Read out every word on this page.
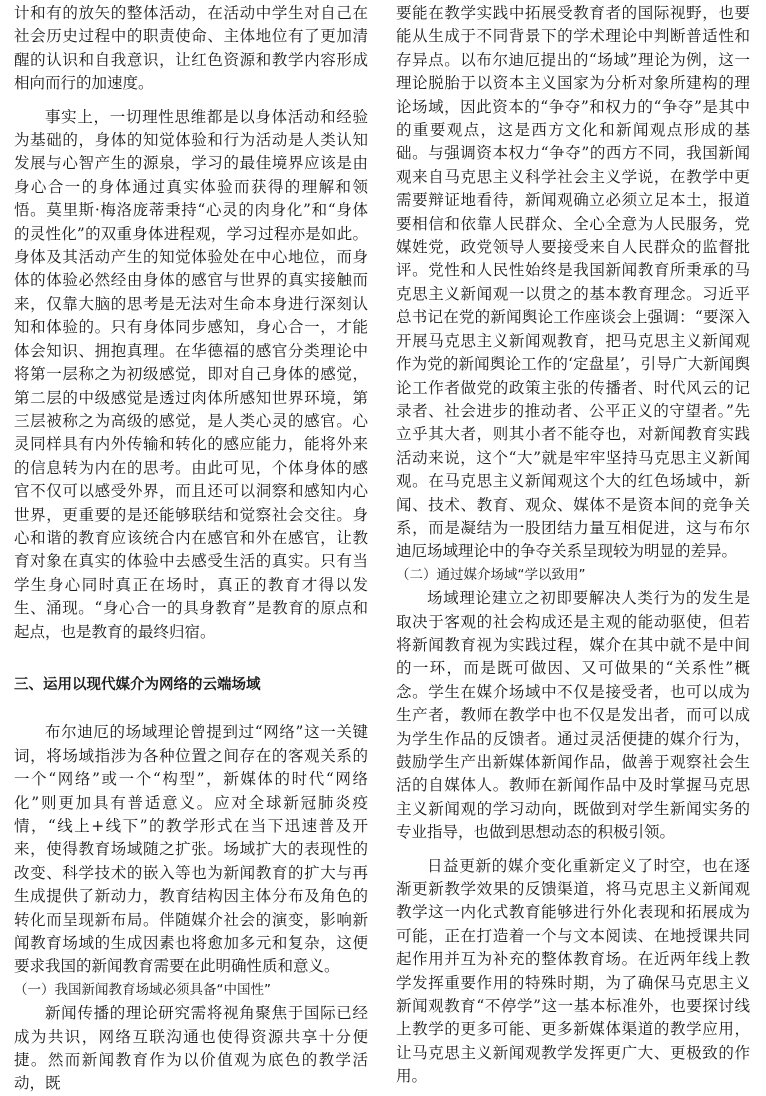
计和有的放矢的整体活动，在活动中学生对自己在社会历史过程中的职责使命、主体地位有了更加清醒的认识和自我意识，让红色资源和教学内容形成相向而行的加速度。

事实上，一切理性思维都是以身体活动和经验为基础的，身体的知觉体验和行为活动是人类认知发展与心智产生的源泉，学习的最佳境界应该是由身心合一的身体通过真实体验而获得的理解和领悟。莫里斯·梅洛庞蒂秉持“心灵的肉身化”和“身体的灵性化”的双重身体进程观，学习过程亦是如此。身体及其活动产生的知觉体验处在中心地位，而身体的体验必然经由身体的感官与世界的真实接触而来，仅靠大脑的思考是无法对生命本身进行深刻认知和体验的。只有身体同步感知，身心合一，才能体会知识、拥抱真理。在华德福的感官分类理论中将第一层称之为初级感觉，即对自己身体的感觉，第二层的中级感觉是透过肉体所感知世界环境，第三层被称之为高级的感觉，是人类心灵的感官。心灵同样具有内外传输和转化的感应能力，能将外来的信息转为内在的思考。由此可见，个体身体的感官不仅可以感受外界，而且还可以洞察和感知内心世界，更重要的是还能够联结和觉察社会交往。身心和谐的教育应该统合内在感官和外在感官，让教育对象在真实的体验中去感受生活的真实。只有当学生身心同时真正在场时，真正的教育才得以发生、涌现。“身心合一的具身教育”是教育的原点和起点，也是教育的最终归宿。

三、运用以现代媒介为网络的云端场域

布尔迪厄的场域理论曾提到过“网络”这一关键词，将场域指涉为各种位置之间存在的客观关系的一个“网络”或一个“构型”，新媒体的时代“网络化”则更加具有普适意义。应对全球新冠肺炎疫情，“线上+线下”的教学形式在当下迅速普及开来，使得教育场域随之扩张。场域扩大的表现性的改变、科学技术的嵌入等也为新闻教育的扩大与再生成提供了新动力，教育结构因主体分布及角色的转化而呈现新布局。伴随媒介社会的演变，影响新闻教育场域的生成因素也将愈加多元和复杂，这便要求我国的新闻教育需要在此明确性质和意义。

（一）我国新闻教育场域必须具备“中国性”

新闻传播的理论研究需将视角聚焦于国际已经成为共识，网络互联沟通也使得资源共享十分便捷。然而新闻教育作为以价值观为底色的教学活动，既

要能在教学实践中拓展受教育者的国际视野，也要能从生成于不同背景下的学术理论中判断普适性和存异点。以布尔迪厄提出的“场域”理论为例，这一理论脱胎于以资本主义国家为分析对象所建构的理论场域，因此资本的“争夺”和权力的“争夺”是其中的重要观点，这是西方文化和新闻观点形成的基础。与强调资本权力“争夺”的西方不同，我国新闻观来自马克思主义科学社会主义学说，在教学中更需要辩证地看待，新闻观确立必须立足本土，报道要相信和依靠人民群众、全心全意为人民服务，党媒姓党，政党领导人要接受来自人民群众的监督批评。党性和人民性始终是我国新闻教育所秉承的马克思主义新闻观一以贯之的基本教育理念。习近平总书记在党的新闻舆论工作座谈会上强调：“要深入开展马克思主义新闻观教育，把马克思主义新闻观作为党的新闻舆论工作的‘定盘星’，引导广大新闻舆论工作者做党的政策主张的传播者、时代风云的记录者、社会进步的推动者、公平正义的守望者。”先立乎其大者，则其小者不能夺也，对新闻教育实践活动来说，这个“大”就是牢牢坚持马克思主义新闻观。在马克思主义新闻观这个大的红色场域中，新闻、技术、教育、观众、媒体不是资本间的竞争关系，而是凝结为一股团结力量互相促进，这与布尔迪厄场域理论中的争夺关系呈现较为明显的差异。

（二）通过媒介场域“学以致用”

场域理论建立之初即要解决人类行为的发生是取决于客观的社会构成还是主观的能动驱使，但若将新闻教育视为实践过程，媒介在其中就不是中间的一环，而是既可做因、又可做果的“关系性”概念。学生在媒介场域中不仅是接受者，也可以成为生产者，教师在教学中也不仅是发出者，而可以成为学生作品的反馈者。通过灵活便捷的媒介行为，鼓励学生产出新媒体新闻作品，做善于观察社会生活的自媒体人。教师在新闻作品中及时掌握马克思主义新闻观的学习动向，既做到对学生新闻实务的专业指导，也做到思想动态的积极引领。

日益更新的媒介变化重新定义了时空，也在逐渐更新教学效果的反馈渠道，将马克思主义新闻观教学这一内化式教育能够进行外化表现和拓展成为可能，正在打造着一个与文本阅读、在地授课共同起作用并互为补充的整体教育场。在近两年线上教学发挥重要作用的特殊时期，为了确保马克思主义新闻观教育“不停学”这一基本标准外，也要探讨线上教学的更多可能、更多新媒体渠道的教学应用，让马克思主义新闻观教学发挥更广大、更极致的作用。
